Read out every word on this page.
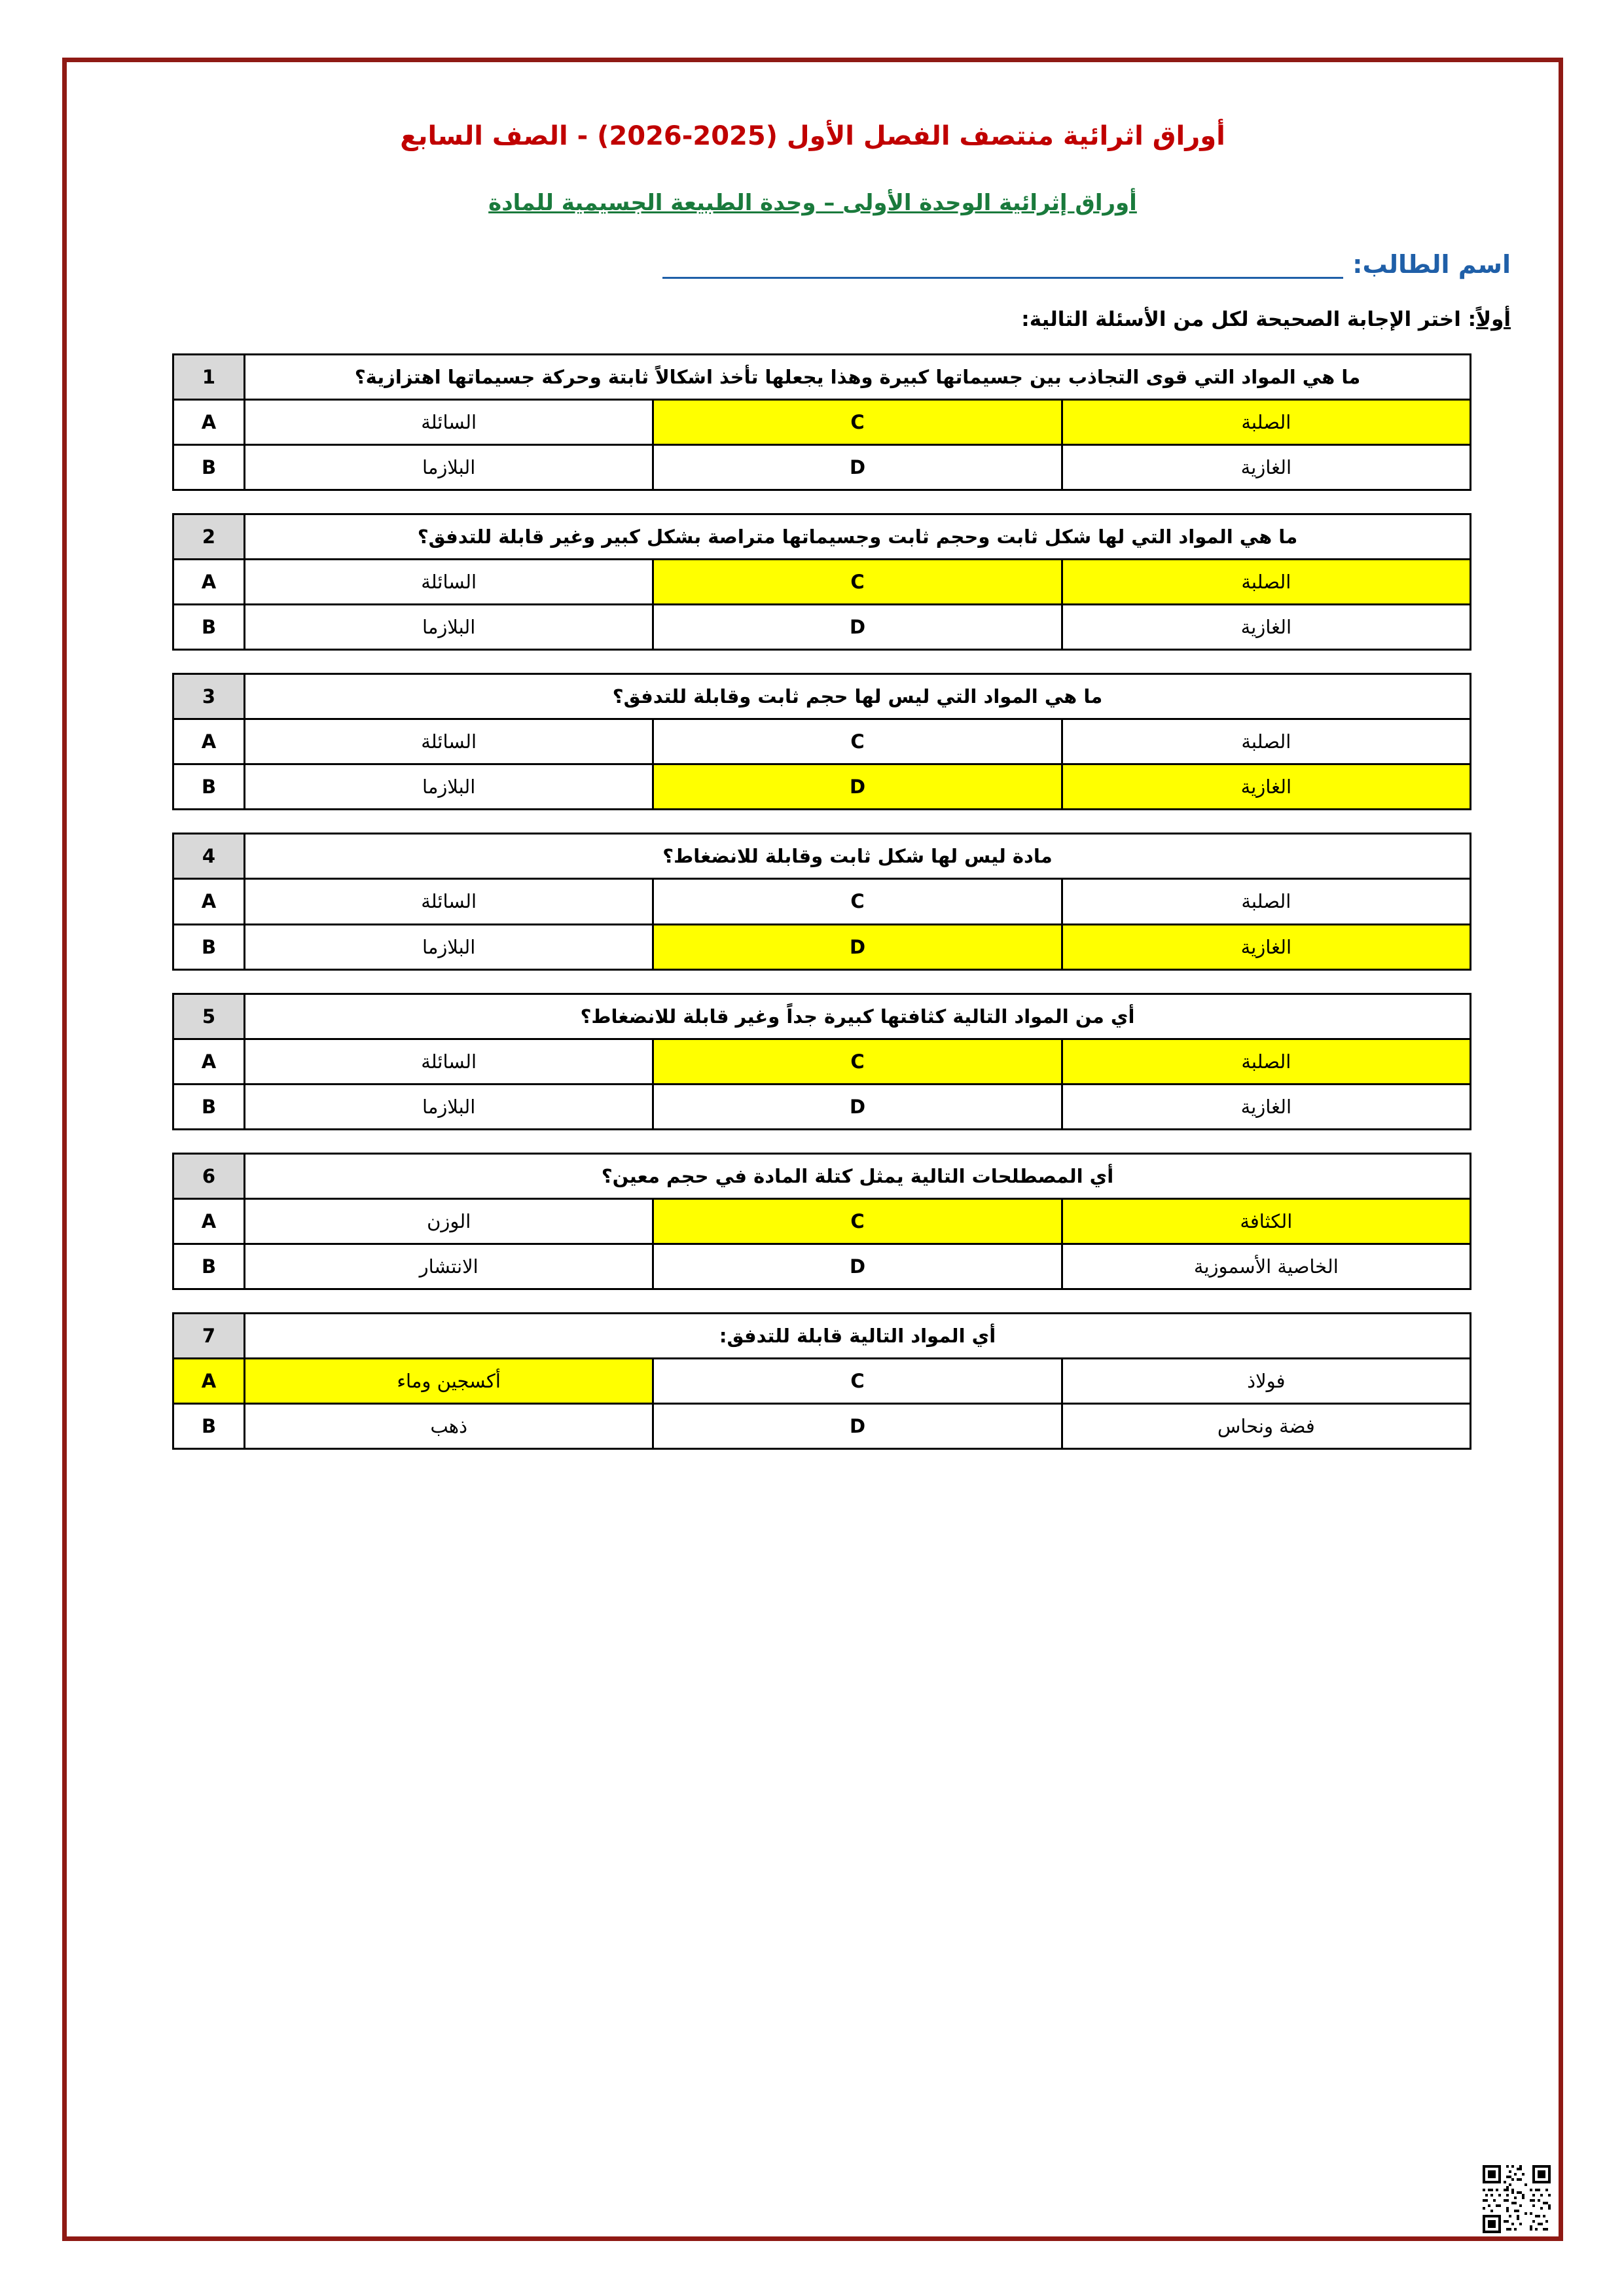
أوراق اثرائية منتصف الفصل الأول (2025-2026) - الصف السابع
أوراق إثرائية الوحدة الأولى – وحدة الطبيعة الجسيمية للمادة
اسم الطالب:
أولاً: اختر الإجابة الصحيحة لكل من الأسئلة التالية:
ما هي المواد التي قوى التجاذب بين جسيماتها كبيرة وهذا يجعلها تأخذ اشكالاً ثابتة وحركة جسيماتها اهتزازية؟			1
الصلبة	C	السائلة	A
الغازية	D	البلازما	B
ما هي المواد التي لها شكل ثابت وحجم ثابت وجسيماتها متراصة بشكل كبير وغير قابلة للتدفق؟			2
الصلبة	C	السائلة	A
الغازية	D	البلازما	B
ما هي المواد التي ليس لها حجم ثابت وقابلة للتدفق؟			3
الصلبة	C	السائلة	A
الغازية	D	البلازما	B
مادة ليس لها شكل ثابت وقابلة للانضغاط؟			4
الصلبة	C	السائلة	A
الغازية	D	البلازما	B
أي من المواد التالية كثافتها كبيرة جداً وغير قابلة للانضغاط؟			5
الصلبة	C	السائلة	A
الغازية	D	البلازما	B
أي المصطلحات التالية يمثل كتلة المادة في حجم معين؟			6
الكثافة	C	الوزن	A
الخاصية الأسموزية	D	الانتشار	B
أي المواد التالية قابلة للتدفق:			7
فولاذ	C	أكسجين وماء	A
فضة ونحاس	D	ذهب	B
